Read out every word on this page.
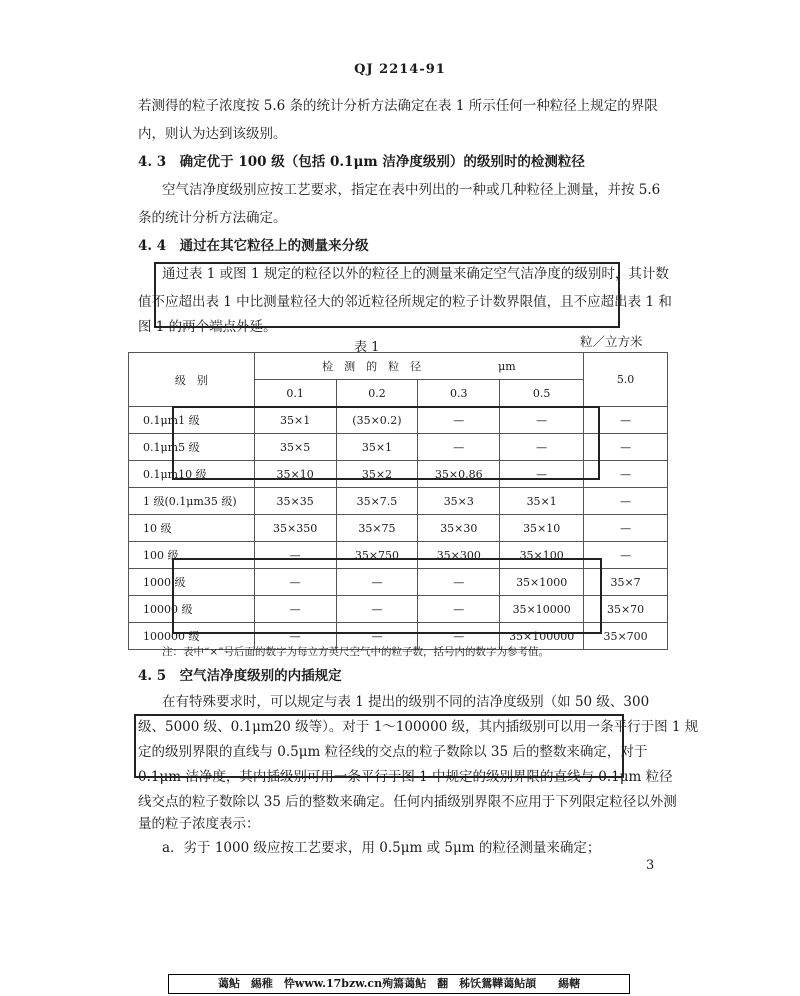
QJ 2214-91
若测得的粒子浓度按 5.6 条的统计分析方法确定在表 1 所示任何一种粒径上规定的界限
内，则认为达到该级别。
4. 3　确定优于 100 级（包括 0.1μm 洁净度级别）的级别时的检测粒径
空气洁净度级别应按工艺要求，指定在表中列出的一种或几种粒径上测量，并按 5.6
条的统计分析方法确定。
4. 4　通过在其它粒径上的测量来分级
通过表 1 或图 1 规定的粒径以外的粒径上的测量来确定空气洁净度的级别时，其计数
值不应超出表 1 中比测量粒径大的邻近粒径所规定的粒子计数界限值，且不应超出表 1 和
图 1 的两个端点外延。
表 1	粒／立方米
级　别	检　测　的　粒　径 μm				5.0
	0.1	0.2	0.3	0.5	
0.1μm1 级	35×1	(35×0.2)	—	—	—
0.1μm5 级	35×5	35×1	—	—	—
0.1μm10 级	35×10	35×2	35×0.86	—	—
1 级(0.1μm35 级)	35×35	35×7.5	35×3	35×1	—
10 级	35×350	35×75	35×30	35×10	—
100 级	—	35×750	35×300	35×100	—
1000 级	—	—	—	35×1000	35×7
10000 级	—	—	—	35×10000	35×70
100000 级	—	—	—	35×100000	35×700
注：表中“×”号后面的数字为每立方英尺空气中的粒子数，括号内的数字为参考值。
4. 5　空气洁净度级别的内插规定
在有特殊要求时，可以规定与表 1 提出的级别不同的洁净度级别（如 50 级、300
级、5000 级、0.1μm20 级等）。对于 1～100000 级，其内插级别可以用一条平行于图 1 规
定的级别界限的直线与 0.5μm 粒径线的交点的粒子数除以 35 后的整数来确定，对于
0.1μm 洁净度，其内插级别可用一条平行于图 1 中规定的级别界限的直线与 0.1μm 粒径
线交点的粒子数除以 35 后的整数来确定。任何内插级别界限不应用于下列限定粒径以外测
量的粒子浓度表示：
a．劣于 1000 级应按工艺要求，用 0.5μm 或 5μm 的粒径测量来确定；
3
蔼鲇　緆稚　忰www.17bzw.cn殉篶蔼鲇　翻　秭饫鴛鞾蔼鲇頡　　緆轄
